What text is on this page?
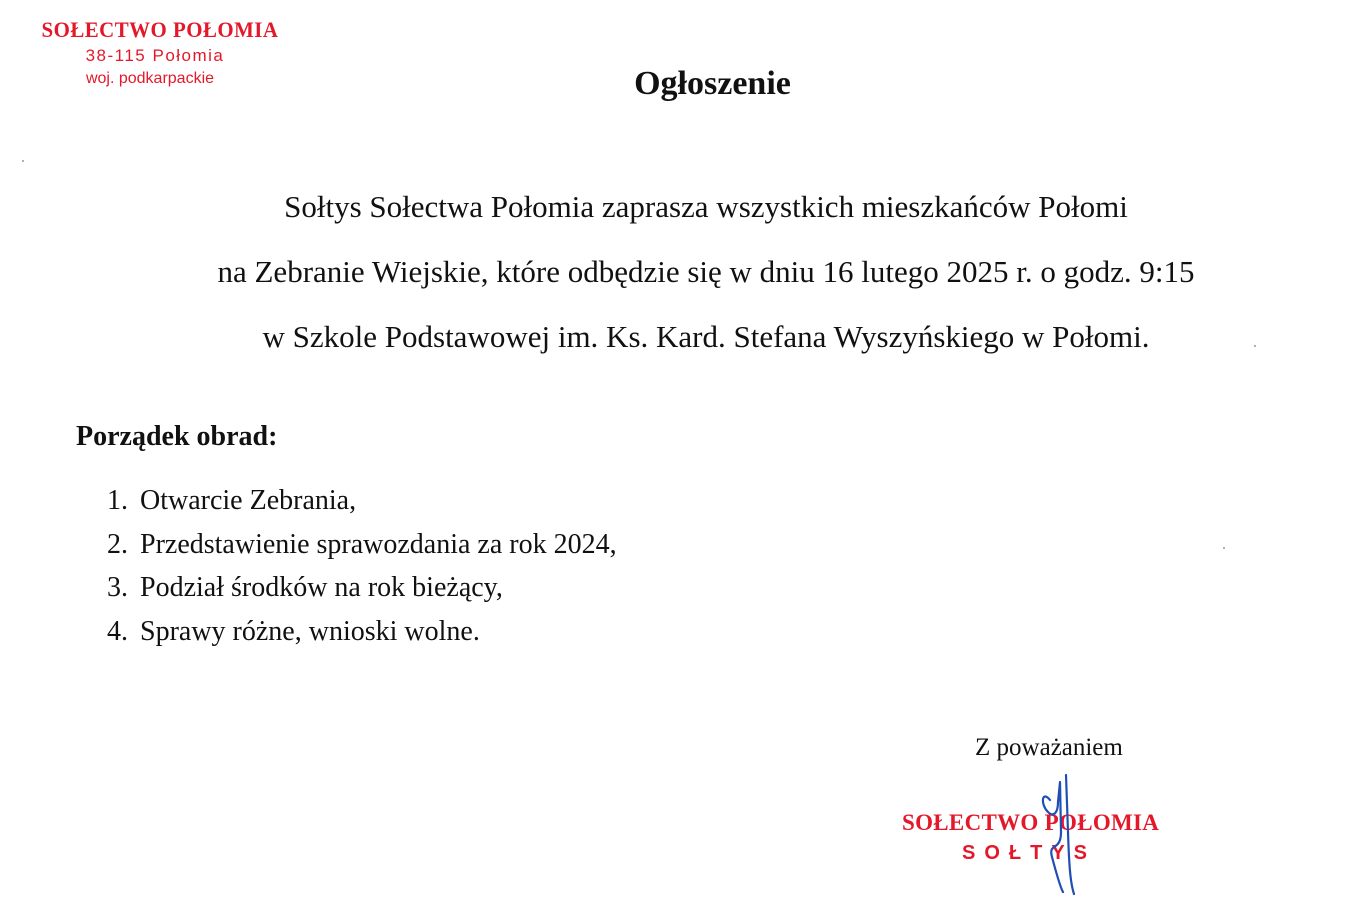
SOŁECTWO POŁOMIA
38-115 Połomia
woj. podkarpackie	Ogłoszenie
Sołtys Sołectwa Połomia zaprasza wszystkich mieszkańców Połomi
na Zebranie Wiejskie, które odbędzie się w dniu 16 lutego 2025 r. o godz. 9:15
w Szkole Podstawowej im. Ks. Kard. Stefana Wyszyńskiego w Połomi.
Porządek obrad:
1. Otwarcie Zebrania,
2. Przedstawienie sprawozdania za rok 2024,
3. Podział środków na rok bieżący,
4. Sprawy różne, wnioski wolne.
Z poważaniem
SOŁECTWO POŁOMIA
SOŁTYS
